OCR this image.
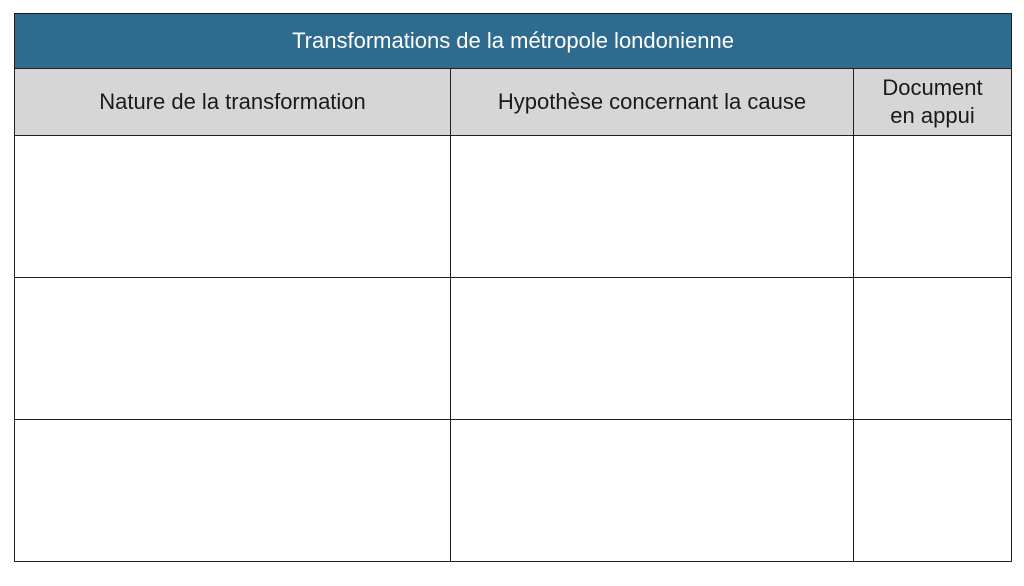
Transformations de la métropole londonienne		
Nature de la transformation	Hypothèse concernant la cause	Document
en appui
